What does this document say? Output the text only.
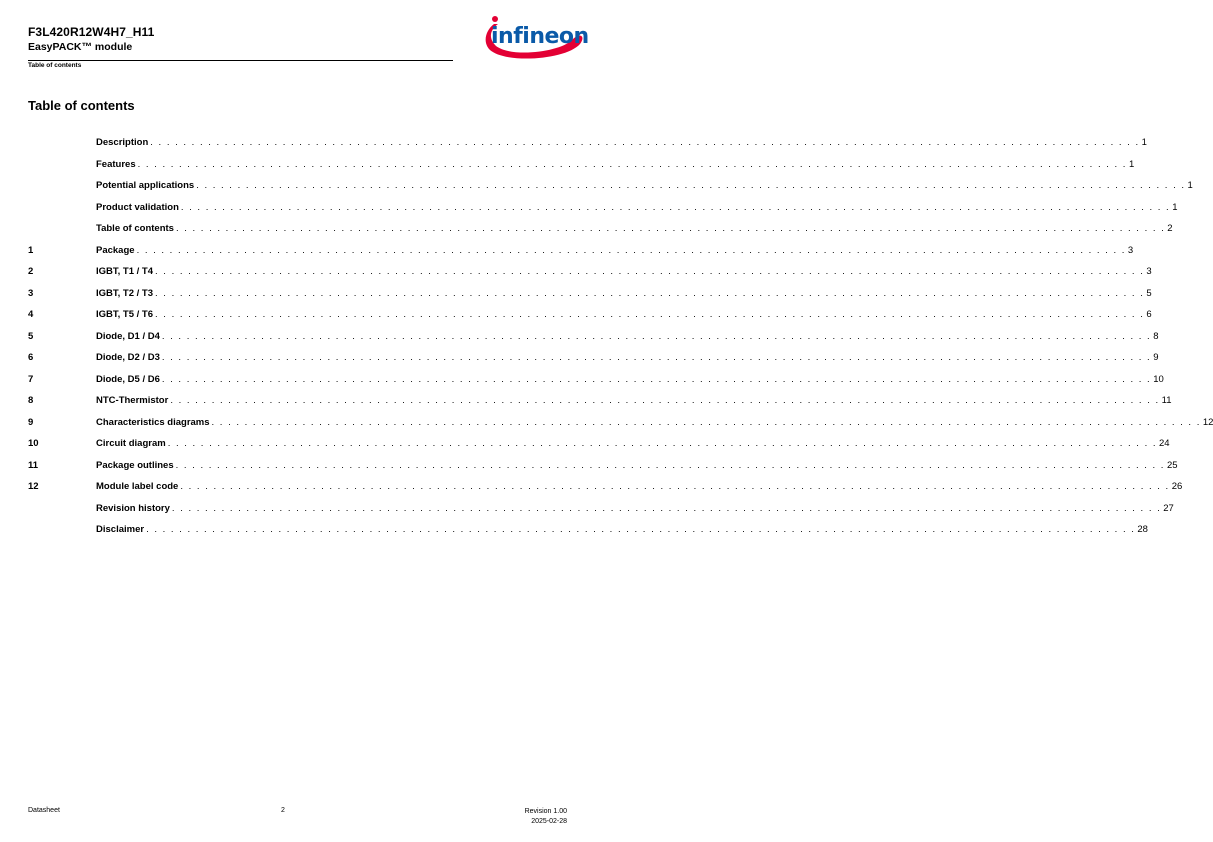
F3L420R12W4H7_H11
EasyPACK™ module
Table of contents
infineon
Table of contents
Description . . . . . . . . . . . . . . . . . . . . . . . . . . . . . . . . . . . . . . . . . . . . . . . . . . . . . . . . . . . . . . . . . . . . . . . . . . . . . . . . . . . . . . . . . . . . . . . . . . . . . . . . . . . . . . . . . . . . . . . . 1
Features . . . . . . . . . . . . . . . . . . . . . . . . . . . . . . . . . . . . . . . . . . . . . . . . . . . . . . . . . . . . . . . . . . . . . . . . . . . . . . . . . . . . . . . . . . . . . . . . . . . . . . . . . . . . . . . . . . . . . . . . 1
Potential applications . . . . . . . . . . . . . . . . . . . . . . . . . . . . . . . . . . . . . . . . . . . . . . . . . . . . . . . . . . . . . . . . . . . . . . . . . . . . . . . . . . . . . . . . . . . . . . . . . . . . . . . . . . . . . . . . . . . . . . . . 1
Product validation . . . . . . . . . . . . . . . . . . . . . . . . . . . . . . . . . . . . . . . . . . . . . . . . . . . . . . . . . . . . . . . . . . . . . . . . . . . . . . . . . . . . . . . . . . . . . . . . . . . . . . . . . . . . . . . . . . . . . . . . 1
Table of contents . . . . . . . . . . . . . . . . . . . . . . . . . . . . . . . . . . . . . . . . . . . . . . . . . . . . . . . . . . . . . . . . . . . . . . . . . . . . . . . . . . . . . . . . . . . . . . . . . . . . . . . . . . . . . . . . . . . . . . . . 2
1	Package . . . . . . . . . . . . . . . . . . . . . . . . . . . . . . . . . . . . . . . . . . . . . . . . . . . . . . . . . . . . . . . . . . . . . . . . . . . . . . . . . . . . . . . . . . . . . . . . . . . . . . . . . . . . . . . . . . . . . . . . 3
2	IGBT, T1 / T4 . . . . . . . . . . . . . . . . . . . . . . . . . . . . . . . . . . . . . . . . . . . . . . . . . . . . . . . . . . . . . . . . . . . . . . . . . . . . . . . . . . . . . . . . . . . . . . . . . . . . . . . . . . . . . . . . . . . . . . . . 3
3	IGBT, T2 / T3 . . . . . . . . . . . . . . . . . . . . . . . . . . . . . . . . . . . . . . . . . . . . . . . . . . . . . . . . . . . . . . . . . . . . . . . . . . . . . . . . . . . . . . . . . . . . . . . . . . . . . . . . . . . . . . . . . . . . . . . . 5
4	IGBT, T5 / T6 . . . . . . . . . . . . . . . . . . . . . . . . . . . . . . . . . . . . . . . . . . . . . . . . . . . . . . . . . . . . . . . . . . . . . . . . . . . . . . . . . . . . . . . . . . . . . . . . . . . . . . . . . . . . . . . . . . . . . . . . 6
5	Diode, D1 / D4 . . . . . . . . . . . . . . . . . . . . . . . . . . . . . . . . . . . . . . . . . . . . . . . . . . . . . . . . . . . . . . . . . . . . . . . . . . . . . . . . . . . . . . . . . . . . . . . . . . . . . . . . . . . . . . . . . . . . . . . . 8
6	Diode, D2 / D3 . . . . . . . . . . . . . . . . . . . . . . . . . . . . . . . . . . . . . . . . . . . . . . . . . . . . . . . . . . . . . . . . . . . . . . . . . . . . . . . . . . . . . . . . . . . . . . . . . . . . . . . . . . . . . . . . . . . . . . . . 9
7	Diode, D5 / D6 . . . . . . . . . . . . . . . . . . . . . . . . . . . . . . . . . . . . . . . . . . . . . . . . . . . . . . . . . . . . . . . . . . . . . . . . . . . . . . . . . . . . . . . . . . . . . . . . . . . . . . . . . . . . . . . . . . . . . . . . 10
8	NTC-Thermistor . . . . . . . . . . . . . . . . . . . . . . . . . . . . . . . . . . . . . . . . . . . . . . . . . . . . . . . . . . . . . . . . . . . . . . . . . . . . . . . . . . . . . . . . . . . . . . . . . . . . . . . . . . . . . . . . . . . . . . . . 11
9	Characteristics diagrams . . . . . . . . . . . . . . . . . . . . . . . . . . . . . . . . . . . . . . . . . . . . . . . . . . . . . . . . . . . . . . . . . . . . . . . . . . . . . . . . . . . . . . . . . . . . . . . . . . . . . . . . . . . . . . . . . . . . . . . . 12
10	Circuit diagram . . . . . . . . . . . . . . . . . . . . . . . . . . . . . . . . . . . . . . . . . . . . . . . . . . . . . . . . . . . . . . . . . . . . . . . . . . . . . . . . . . . . . . . . . . . . . . . . . . . . . . . . . . . . . . . . . . . . . . . . 24
11	Package outlines . . . . . . . . . . . . . . . . . . . . . . . . . . . . . . . . . . . . . . . . . . . . . . . . . . . . . . . . . . . . . . . . . . . . . . . . . . . . . . . . . . . . . . . . . . . . . . . . . . . . . . . . . . . . . . . . . . . . . . . . 25
12	Module label code . . . . . . . . . . . . . . . . . . . . . . . . . . . . . . . . . . . . . . . . . . . . . . . . . . . . . . . . . . . . . . . . . . . . . . . . . . . . . . . . . . . . . . . . . . . . . . . . . . . . . . . . . . . . . . . . . . . . . . . . 26
Revision history . . . . . . . . . . . . . . . . . . . . . . . . . . . . . . . . . . . . . . . . . . . . . . . . . . . . . . . . . . . . . . . . . . . . . . . . . . . . . . . . . . . . . . . . . . . . . . . . . . . . . . . . . . . . . . . . . . . . . . . . 27
Disclaimer . . . . . . . . . . . . . . . . . . . . . . . . . . . . . . . . . . . . . . . . . . . . . . . . . . . . . . . . . . . . . . . . . . . . . . . . . . . . . . . . . . . . . . . . . . . . . . . . . . . . . . . . . . . . . . . . . . . . . . . . 28
Datasheet	2	Revision 1.00
2025-02-28
